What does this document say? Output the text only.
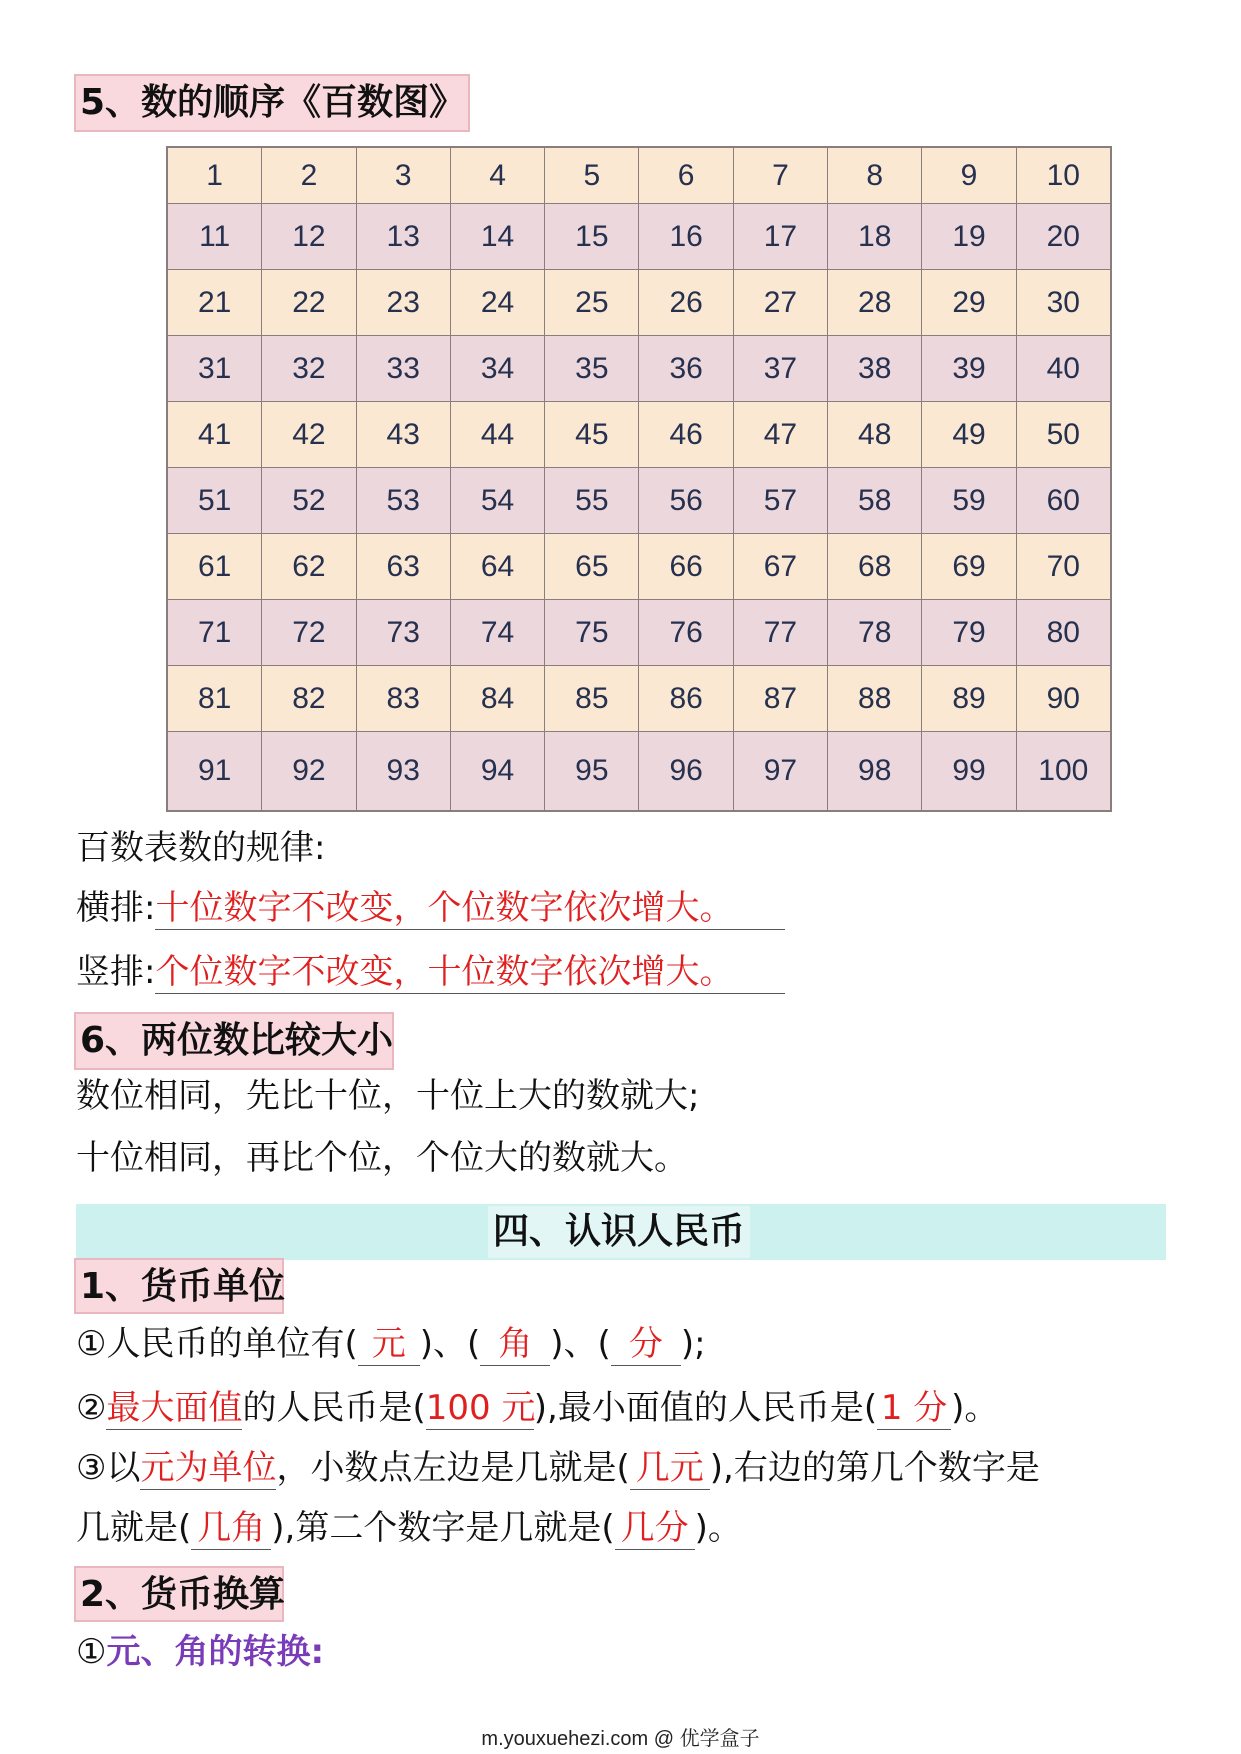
5、数的顺序《百数图》
1	2	3	4	5	6	7	8	9	10
11	12	13	14	15	16	17	18	19	20
21	22	23	24	25	26	27	28	29	30
31	32	33	34	35	36	37	38	39	40
41	42	43	44	45	46	47	48	49	50
51	52	53	54	55	56	57	58	59	60
61	62	63	64	65	66	67	68	69	70
71	72	73	74	75	76	77	78	79	80
81	82	83	84	85	86	87	88	89	90
91	92	93	94	95	96	97	98	99	100
百数表数的规律:
横排:十位数字不改变，个位数字依次增大。
竖排:个位数字不改变，十位数字依次增大。
6、两位数比较大小
数位相同，先比十位，十位上大的数就大;
十位相同，再比个位，个位大的数就大。
四、认识人民币
1、货币单位
①人民币的单位有( 元 )、( 角 )、( 分 );
②最大面值的人民币是(100 元),最小面值的人民币是( 1 分 )。
③以元为单位，小数点左边是几就是( 几元 ),右边的第几个数字是
几就是( 几角 ),第二个数字是几就是( 几分 )。
2、货币换算
①元、角的转换:
m.youxuehezi.com @ 优学盒子
